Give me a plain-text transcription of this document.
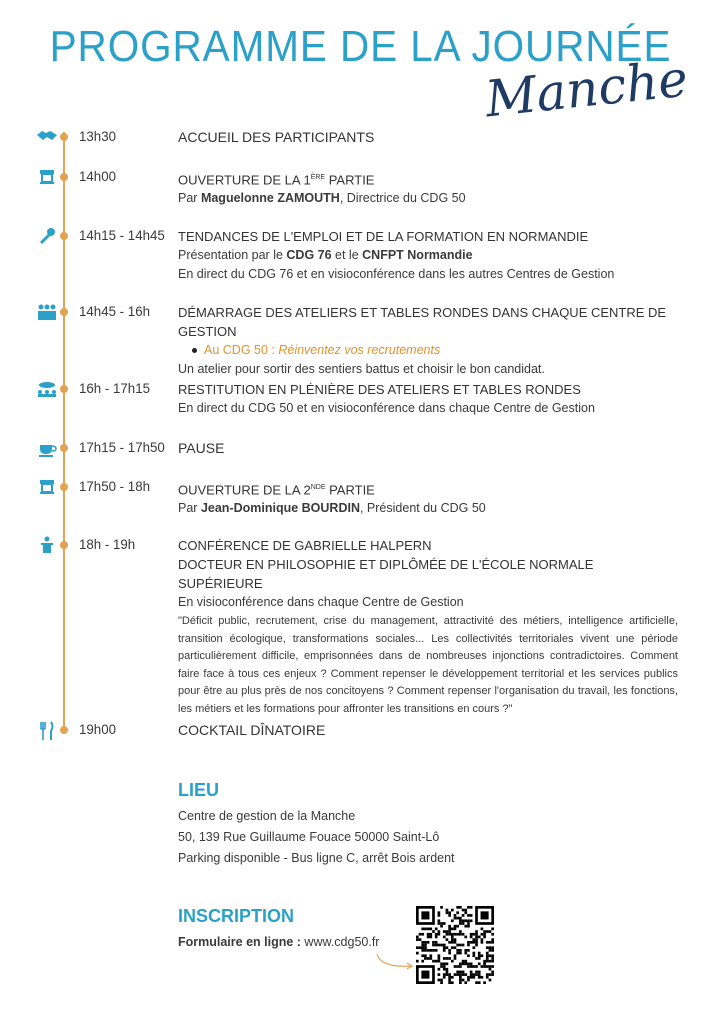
PROGRAMME DE LA JOURNÉE
Manche
13h30	ACCUEIL DES PARTICIPANTS
14h00	OUVERTURE DE LA 1ÈRE PARTIE
Par Maguelonne ZAMOUTH, Directrice du CDG 50
14h15 - 14h45 TENDANCES DE L'EMPLOI ET DE LA FORMATION EN NORMANDIE
Présentation par le CDG 76 et le CNFPT Normandie
En direct du CDG 76 et en visioconférence dans les autres Centres de Gestion
14h45 - 16h DÉMARRAGE DES ATELIERS ET TABLES RONDES DANS CHAQUE CENTRE DE GESTION
Au CDG 50 : Réinventez vos recrutements
Un atelier pour sortir des sentiers battus et choisir le bon candidat.
16h - 17h15 RESTITUTION EN PLÉNIÈRE DES ATELIERS ET TABLES RONDES
En direct du CDG 50 et en visioconférence dans chaque Centre de Gestion
17h15 - 17h50 PAUSE
17h50 - 18h OUVERTURE DE LA 2NDE PARTIE
Par Jean-Dominique BOURDIN, Président du CDG 50
18h - 19h	CONFÉRENCE DE GABRIELLE HALPERN
DOCTEUR EN PHILOSOPHIE ET DIPLÔMÉE DE L'ÉCOLE NORMALE SUPÉRIEURE
En visioconférence dans chaque Centre de Gestion
"Déficit public, recrutement, crise du management, attractivité des métiers, intelligence artificielle, transition écologique, transformations sociales... Les collectivités territoriales vivent une période particulièrement difficile, emprisonnées dans de nombreuses injonctions contradictoires. Comment faire face à tous ces enjeux ? Comment repenser le développement territorial et les services publics pour être au plus près de nos concitoyens ? Comment repenser l'organisation du travail, les fonctions, les métiers et les formations pour affronter les transitions en cours ?"
19h00	COCKTAIL DÎNATOIRE
LIEU
Centre de gestion de la Manche
50, 139 Rue Guillaume Fouace 50000 Saint-Lô
Parking disponible - Bus ligne C, arrêt Bois ardent
INSCRIPTION
Formulaire en ligne : www.cdg50.fr
